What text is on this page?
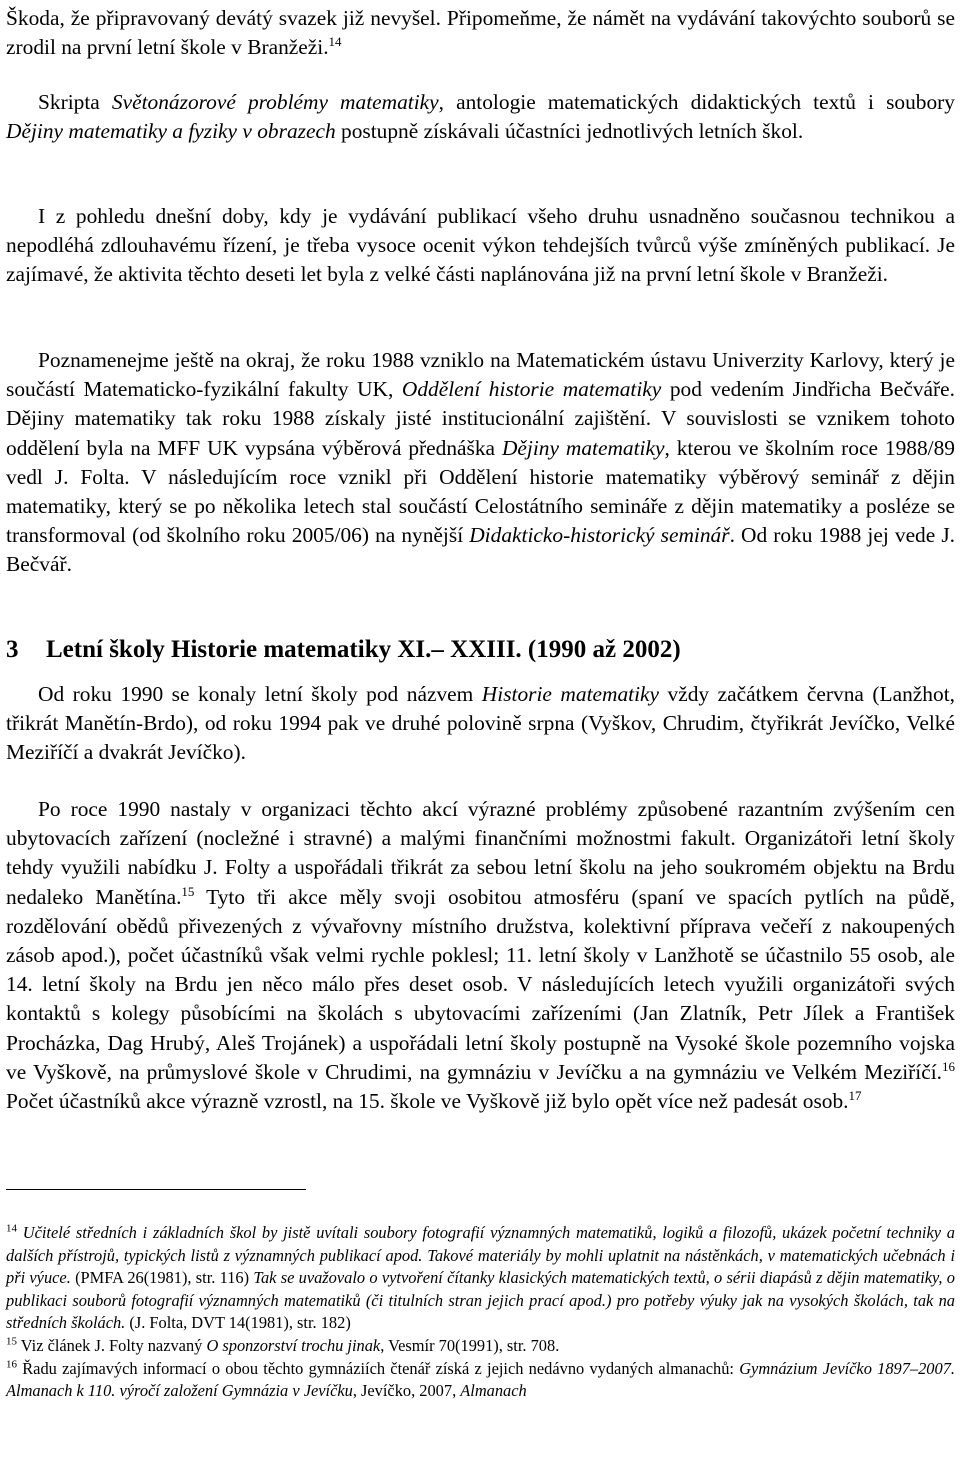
Škoda, že připravovaný devátý svazek již nevyšel. Připomeňme, že námět na vydávání takovýchto souborů se zrodil na první letní škole v Branžeži.$^{14}$

Skripta Světonázorové problémy matematiky, antologie matematických didaktických textů i soubory Dějiny matematiky a fyziky v obrazech postupně získávali účastníci jednotlivých letních škol.

I z pohledu dnešní doby, kdy je vydávání publikací všeho druhu usnadněno současnou technikou a nepodléhá zdlouhavému řízení, je třeba vysoce ocenit výkon tehdejších tvůrců výše zmíněných publikací. Je zajímavé, že aktivita těchto deseti let byla z velké části naplánována již na první letní škole v Branžeži.

Poznamenejme ještě na okraj, že roku 1988 vzniklo na Matematickém ústavu Univerzity Karlovy, který je součástí Matematicko-fyzikální fakulty UK, Oddělení historie matematiky pod vedením Jindřicha Bečváře. Dějiny matematiky tak roku 1988 získaly jisté institucionální zajištění. V souvislosti se vznikem tohoto oddělení byla na MFF UK vypsána výběrová přednáška Dějiny matematiky, kterou ve školním roce 1988/89 vedl J. Folta. V následujícím roce vznikl při Oddělení historie matematiky výběrový seminář z dějin matematiky, který se po několika letech stal součástí Celostátního semináře z dějin matematiky a posléze se transformoval (od školního roku 2005/06) na nynější Didakticko-historický seminář. Od roku 1988 jej vede J. Bečvář.

3 Letní školy Historie matematiky XI.– XXIII. (1990 až 2002)

Od roku 1990 se konaly letní školy pod názvem Historie matematiky vždy začátkem června (Lanžhot, třikrát Manětín-Brdo), od roku 1994 pak ve druhé polovině srpna (Vyškov, Chrudim, čtyřikrát Jevíčko, Velké Meziříčí a dvakrát Jevíčko).

Po roce 1990 nastaly v organizaci těchto akcí výrazné problémy způsobené razantním zvýšením cen ubytovacích zařízení (nocležné i stravné) a malými finančními možnostmi fakult. Organizátoři letní školy tehdy využili nabídku J. Folty a uspořádali třikrát za sebou letní školu na jeho soukromém objektu na Brdu nedaleko Manětína.$^{15}$ Tyto tři akce měly svoji osobitou atmosféru (spaní ve spacích pytlích na půdě, rozdělování obědů přivezených z vývařovny místního družstva, kolektivní příprava večeří z nakoupených zásob apod.), počet účastníků však velmi rychle poklesl; 11. letní školy v Lanžhotě se účastnilo 55 osob, ale 14. letní školy na Brdu jen něco málo přes deset osob. V následujících letech využili organizátoři svých kontaktů s kolegy působícími na školách s ubytovacími zařízeními (Jan Zlatník, Petr Jílek a František Procházka, Dag Hrubý, Aleš Trojánek) a uspořádali letní školy postupně na Vysoké škole pozemního vojska ve Vyškově, na průmyslové škole v Chrudimi, na gymnáziu v Jevíčku a na gymnáziu ve Velkém Meziříčí.$^{16}$ Počet účastníků akce výrazně vzrostl, na 15. škole ve Vyškově již bylo opět více než padesát osob.$^{17}$

$^{14}$ Učitelé středních i základních škol by jistě uvítali soubory fotografií významných matematiků, logiků a filozofů, ukázek početní techniky a dalších přístrojů, typických listů z významných publikací apod. Takové materiály by mohli uplatnit na nástěnkách, v matematických učebnách i při výuce. (PMFA 26(1981), str. 116) Tak se uvažovalo o vytvoření čítanky klasických matematických textů, o sérii diapásů z dějin matematiky, o publikaci souborů fotografií významných matematiků (či titulních stran jejich prací apod.) pro potřeby výuky jak na vysokých školách, tak na středních školách. (J. Folta, DVT 14(1981), str. 182)

$^{15}$ Viz článek J. Folty nazvaný O sponzorství trochu jinak, Vesmír 70(1991), str. 708.

$^{16}$ Řadu zajímavých informací o obou těchto gymnáziích čtenář získá z jejich nedávno vydaných almanachů: Gymnázium Jevíčko 1897–2007. Almanach k 110. výročí založení Gymnázia v Jevíčku, Jevíčko, 2007, Almanach
